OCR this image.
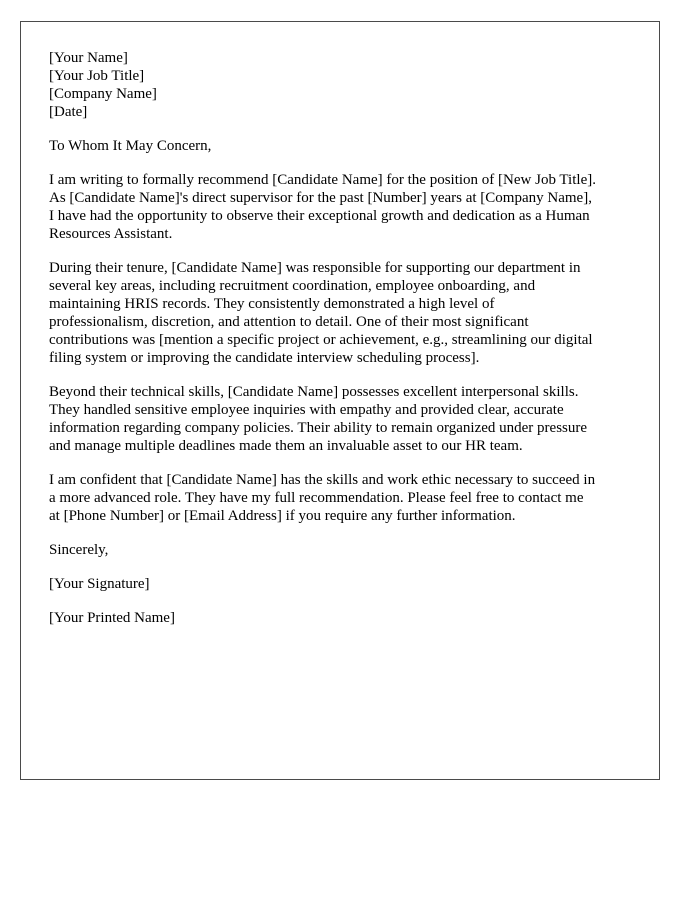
[Your Name]
[Your Job Title]
[Company Name]
[Date]
To Whom It May Concern,
I am writing to formally recommend [Candidate Name] for the position of [New Job Title].
As [Candidate Name]'s direct supervisor for the past [Number] years at [Company Name],
I have had the opportunity to observe their exceptional growth and dedication as a Human
Resources Assistant.
During their tenure, [Candidate Name] was responsible for supporting our department in
several key areas, including recruitment coordination, employee onboarding, and
maintaining HRIS records. They consistently demonstrated a high level of
professionalism, discretion, and attention to detail. One of their most significant
contributions was [mention a specific project or achievement, e.g., streamlining our digital
filing system or improving the candidate interview scheduling process].
Beyond their technical skills, [Candidate Name] possesses excellent interpersonal skills.
They handled sensitive employee inquiries with empathy and provided clear, accurate
information regarding company policies. Their ability to remain organized under pressure
and manage multiple deadlines made them an invaluable asset to our HR team.
I am confident that [Candidate Name] has the skills and work ethic necessary to succeed in
a more advanced role. They have my full recommendation. Please feel free to contact me
at [Phone Number] or [Email Address] if you require any further information.
Sincerely,
[Your Signature]
[Your Printed Name]
